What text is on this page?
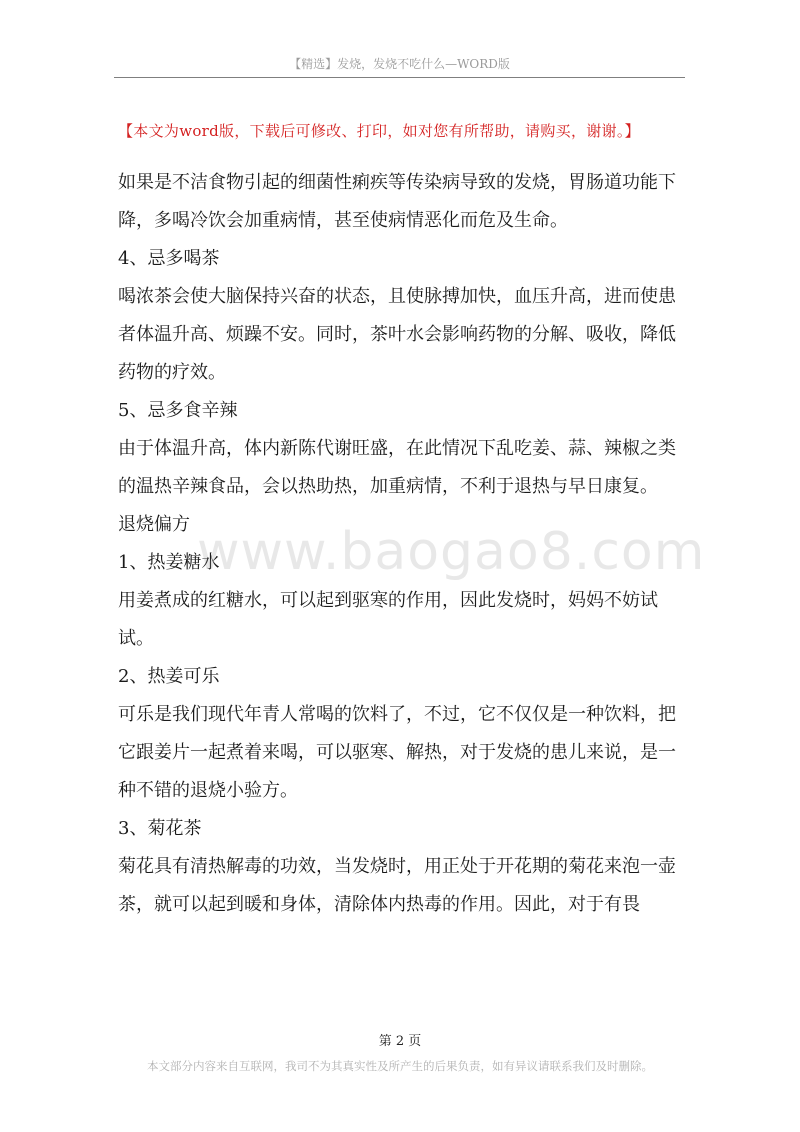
【精选】发烧，发烧不吃什么—WORD版
【本文为word版，下载后可修改、打印，如对您有所帮助，请购买，谢谢。】

如果是不洁食物引起的细菌性痢疾等传染病导致的发烧，胃肠道功能下降，多喝冷饮会加重病情，甚至使病情恶化而危及生命。

4、忌多喝茶

喝浓茶会使大脑保持兴奋的状态，且使脉搏加快，血压升高，进而使患者体温升高、烦躁不安。同时，茶叶水会影响药物的分解、吸收，降低药物的疗效。

5、忌多食辛辣

由于体温升高，体内新陈代谢旺盛，在此情况下乱吃姜、蒜、辣椒之类的温热辛辣食品，会以热助热，加重病情，不利于退热与早日康复。

退烧偏方

1、热姜糖水

用姜煮成的红糖水，可以起到驱寒的作用，因此发烧时，妈妈不妨试试。

2、热姜可乐

可乐是我们现代年青人常喝的饮料了，不过，它不仅仅是一种饮料，把它跟姜片一起煮着来喝，可以驱寒、解热，对于发烧的患儿来说，是一种不错的退烧小验方。

3、菊花茶

菊花具有清热解毒的功效，当发烧时，用正处于开花期的菊花来泡一壶茶，就可以起到暖和身体，清除体内热毒的作用。因此，对于有畏

www.baogao8.com
第 2 页
本文部分内容来自互联网，我司不为其真实性及所产生的后果负责，如有异议请联系我们及时删除。
